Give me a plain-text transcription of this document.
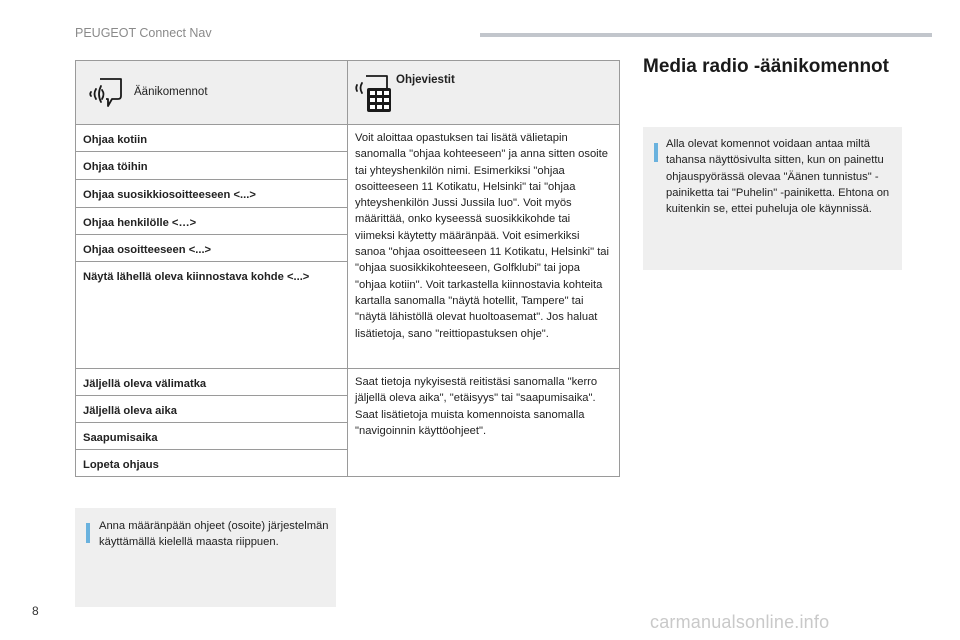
PEUGEOT Connect Nav
Äänikomennot	Ohjeviestit

Ohjaa kotiin	Voit aloittaa opastuksen tai lisätä välietapin sanomalla "ohjaa kohteeseen" ja anna sitten osoite tai yhteyshenkilön nimi. Esimerkiksi "ohjaa osoitteeseen 11 Kotikatu, Helsinki" tai "ohjaa yhteyshenkilön Jussi Jussila luo". Voit myös määrittää, onko kyseessä suosikkikohde tai viimeksi käytetty määränpää. Voit esimerkiksi sanoa "ohjaa osoitteeseen 11 Kotikatu, Helsinki" tai "ohjaa suosikkikohteeseen, Golfklubi" tai jopa "ohjaa kotiin". Voit tarkastella kiinnostavia kohteita kartalla sanomalla "näytä hotellit, Tampere" tai "näytä lähistöllä olevat huoltoasemat". Jos haluat lisätietoja, sano "reittiopastuksen ohje".
Ohjaa töihin	
Ohjaa suosikkiosoitteeseen <...>	
Ohjaa henkilölle <…>	
Ohjaa osoitteeseen <...>	
Näytä lähellä oleva kiinnostava kohde <...>	
Jäljellä oleva välimatka	Saat tietoja nykyisestä reitistäsi sanomalla "kerro jäljellä oleva aika", "etäisyys" tai "saapumisaika". Saat lisätietoja muista komennoista sanomalla "navigoinnin käyttöohjeet".
Jäljellä oleva aika	
Saapumisaika	
Lopeta ohjaus	
Anna määränpään ohjeet (osoite) järjestelmän käyttämällä kielellä maasta riippuen.
Media radio -äänikomennot
Alla olevat komennot voidaan antaa miltä tahansa näyttösivulta sitten, kun on painettu ohjauspyörässä olevaa "Äänen tunnistus" -painiketta tai "Puhelin" -painiketta. Ehtona on kuitenkin se, ettei puheluja ole käynnissä.
8
carmanualsonline.info
